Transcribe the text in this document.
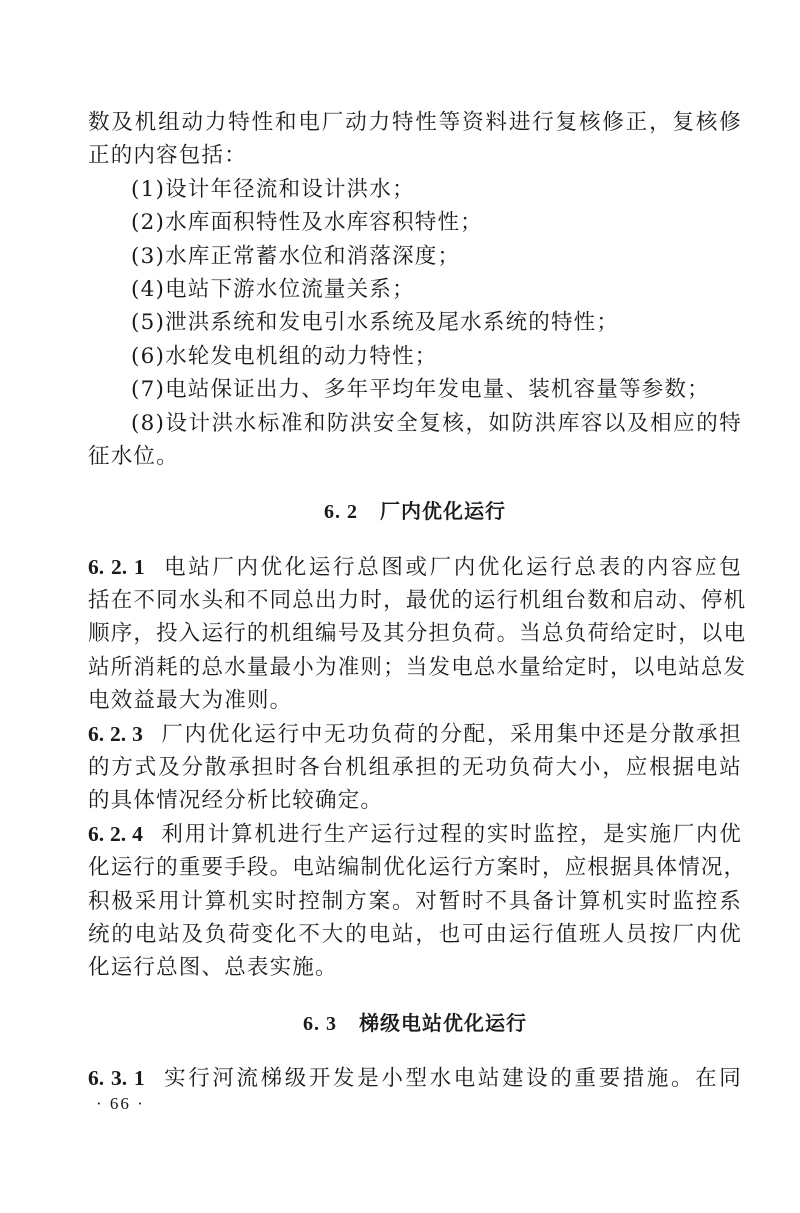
数及机组动力特性和电厂动力特性等资料进行复核修正，复核修
正的内容包括：
(1)设计年径流和设计洪水；
(2)水库面积特性及水库容积特性；
(3)水库正常蓄水位和消落深度；
(4)电站下游水位流量关系；
(5)泄洪系统和发电引水系统及尾水系统的特性；
(6)水轮发电机组的动力特性；
(7)电站保证出力、多年平均年发电量、装机容量等参数；
(8)设计洪水标准和防洪安全复核，如防洪库容以及相应的特
征水位。
6. 2 厂内优化运行
6. 2. 1 电站厂内优化运行总图或厂内优化运行总表的内容应包
括在不同水头和不同总出力时，最优的运行机组台数和启动、停机
顺序，投入运行的机组编号及其分担负荷。当总负荷给定时，以电
站所消耗的总水量最小为准则；当发电总水量给定时，以电站总发
电效益最大为准则。
6. 2. 3 厂内优化运行中无功负荷的分配，采用集中还是分散承担
的方式及分散承担时各台机组承担的无功负荷大小，应根据电站
的具体情况经分析比较确定。
6. 2. 4 利用计算机进行生产运行过程的实时监控，是实施厂内优
化运行的重要手段。电站编制优化运行方案时，应根据具体情况，
积极采用计算机实时控制方案。对暂时不具备计算机实时监控系
统的电站及负荷变化不大的电站，也可由运行值班人员按厂内优
化运行总图、总表实施。
6. 3 梯级电站优化运行
6. 3. 1 实行河流梯级开发是小型水电站建设的重要措施。在同
· 66 ·
